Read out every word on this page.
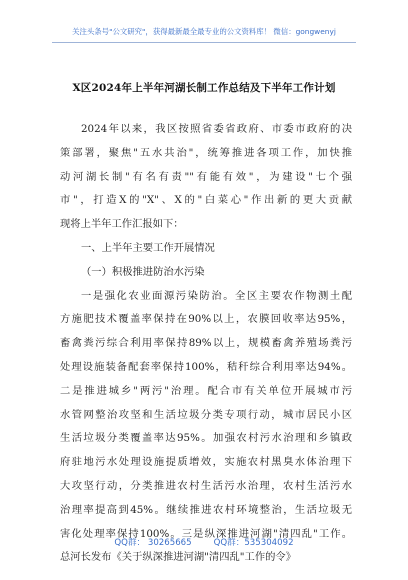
关注头条号"公文研究"，获得最新最全最专业的公文资料库！ 微信：gongwenyj
X区2024年上半年河湖长制工作总结及下半年工作计划
2024年以来，我区按照省委省政府、市委市政府的决
策部署，聚焦"五水共治"，统筹推进各项工作，加快推
动河湖长制"有名有责""有能有效"，为建设"七个强
市"，打造X的"X"、X的"白菜心"作出新的更大贡献
现将上半年工作汇报如下：
一、上半年主要工作开展情况
（一）积极推进防治水污染
一是强化农业面源污染防治。全区主要农作物测土配
方施肥技术覆盖率保持在90%以上，农膜回收率达95%，
畜禽粪污综合利用率保持89%以上，规模畜禽养殖场粪污
处理设施装备配套率保持100%，秸秆综合利用率达94%。
二是推进城乡"两污"治理。配合市有关单位开展城市污
水管网整治攻坚和生活垃圾分类专项行动，城市居民小区
生活垃圾分类覆盖率达95%。加强农村污水治理和乡镇政
府驻地污水处理设施提质增效，实施农村黑臭水体治理下
大攻坚行动，分类推进农村生活污水治理，农村生活污水
治理率提高到45%。继续推进农村环境整治，生活垃圾无
害化处理率保持100%。三是纵深推进河湖"清四乱"工作。
总河长发布《关于纵深推进河湖"清四乱"工作的令》
QQ群： 30265665	QQ群：535304092
